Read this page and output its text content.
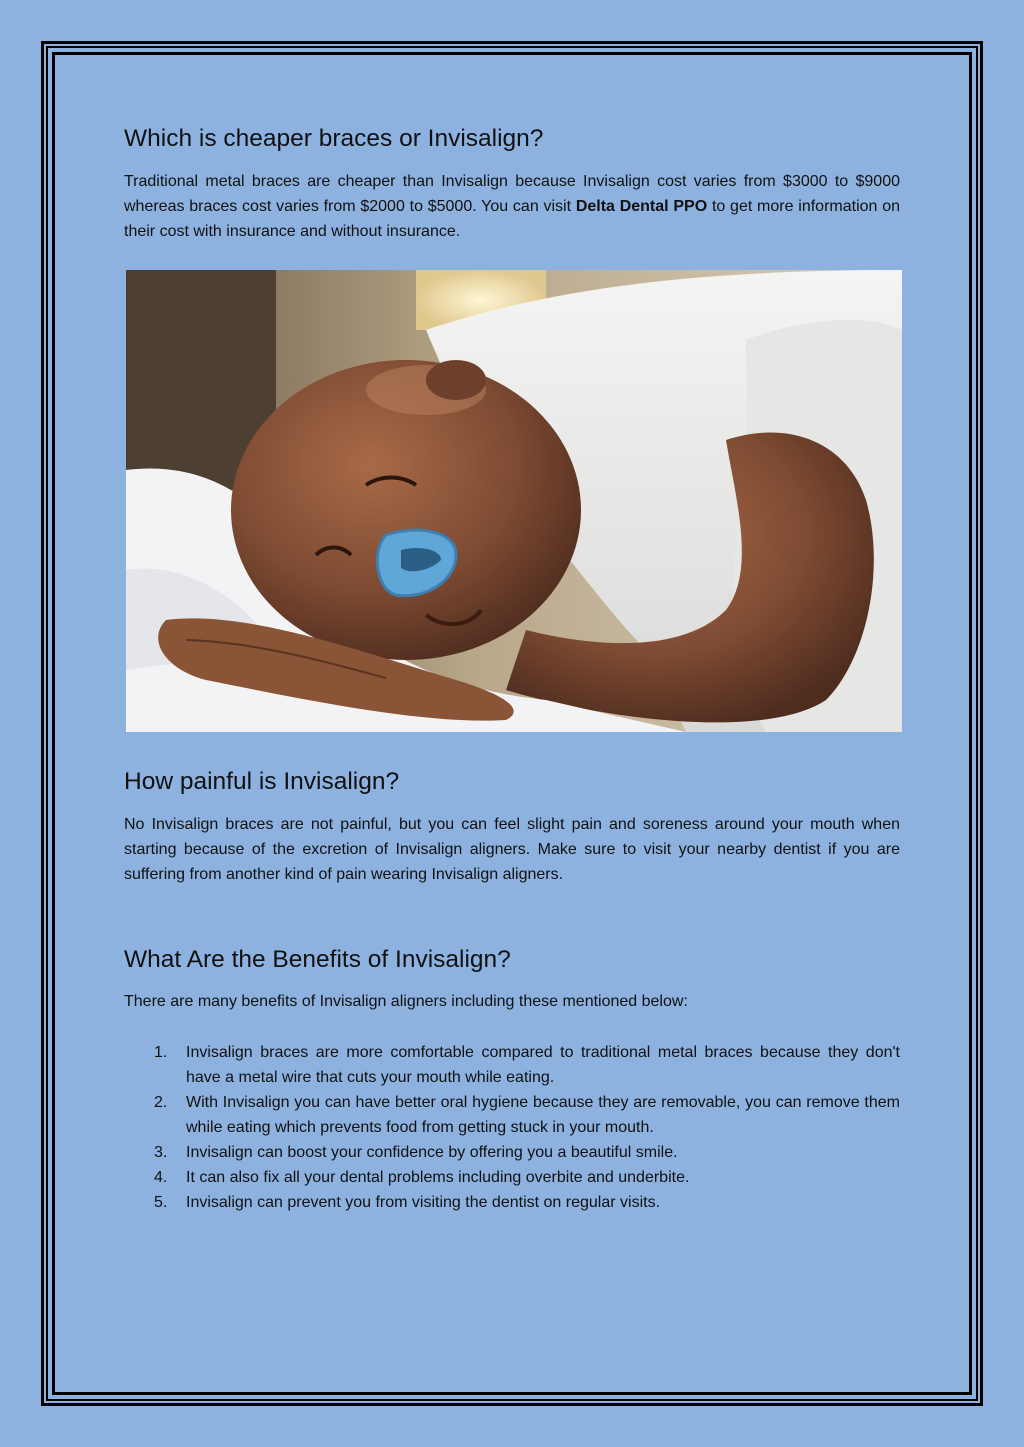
Which is cheaper braces or Invisalign?

Traditional metal braces are cheaper than Invisalign because Invisalign cost varies from $3000 to $9000 whereas braces cost varies from $2000 to $5000. You can visit Delta Dental PPO to get more information on their cost with insurance and without insurance.

How painful is Invisalign?

No Invisalign braces are not painful, but you can feel slight pain and soreness around your mouth when starting because of the excretion of Invisalign aligners. Make sure to visit your nearby dentist if you are suffering from another kind of pain wearing Invisalign aligners.

What Are the Benefits of Invisalign?

There are many benefits of Invisalign aligners including these mentioned below:

1. Invisalign braces are more comfortable compared to traditional metal braces because they don't have a metal wire that cuts your mouth while eating.
2. With Invisalign you can have better oral hygiene because they are removable, you can remove them while eating which prevents food from getting stuck in your mouth.
3. Invisalign can boost your confidence by offering you a beautiful smile.
4. It can also fix all your dental problems including overbite and underbite.
5. Invisalign can prevent you from visiting the dentist on regular visits.
